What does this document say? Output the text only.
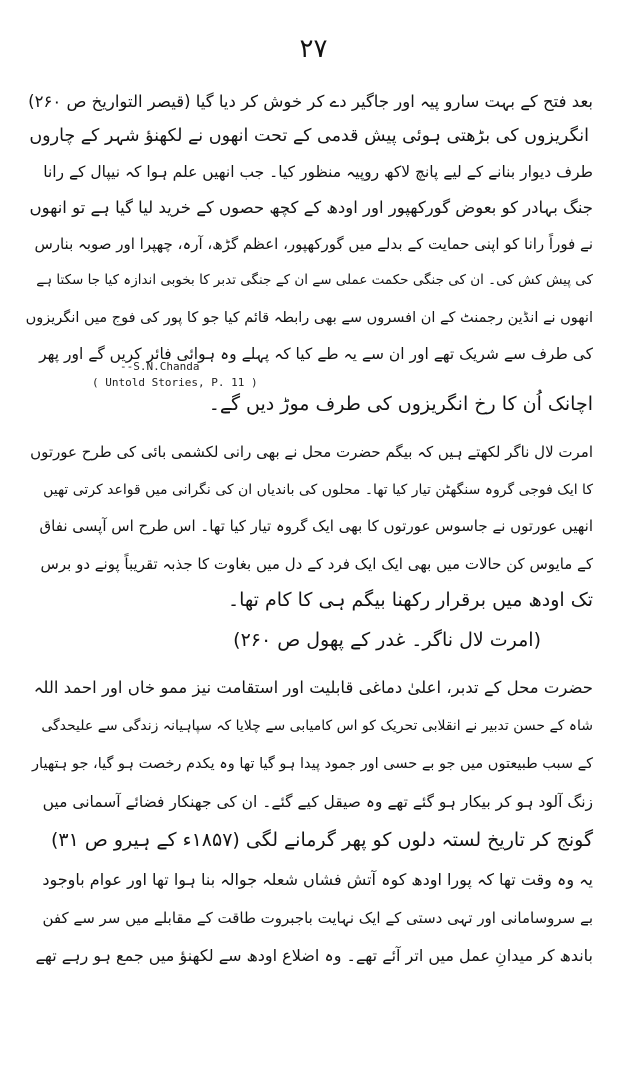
۲۷
بعد فتح کے بہت سارو پیہ اور جاگیر دے کر خوش کر دیا گیا (قیصر التواریخ ص ۲۶۰)
انگریزوں کی بڑھتی ہوئی پیش قدمی کے تحت انھوں نے لکھنؤ شہر کے چاروں
طرف دیوار بنانے کے لیے پانچ لاکھ روپیہ منظور کیا۔ جب انھیں علم ہوا کہ نیپال کے رانا
جنگ بہادر کو بعوض گورکھپور اور اودھ کے کچھ حصوں کے خرید لیا گیا ہے تو انھوں
نے فوراً رانا کو اپنی حمایت کے بدلے میں گورکھپور، اعظم گڑھ، آرہ، چھپرا اور صوبہ بنارس
کی پیش کش کی۔ ان کی جنگی حکمت عملی سے ان کے جنگی تدبر کا بخوبی اندازہ کیا جا سکتا ہے
انھوں نے انڈین رجمنٹ کے ان افسروں سے بھی رابطہ قائم کیا جو کا پور کی فوج میں انگریزوں
کی طرف سے شریک تھے اور ان سے یہ طے کیا کہ پہلے وہ ہوائی فائر کریں گے اور پھر
--S.N.Chanda
( Untold Stories, P. 11 )
اچانک اُن کا رخ انگریزوں کی طرف موڑ دیں گے۔
امرت لال ناگر لکھتے ہیں کہ بیگم حضرت محل نے بھی رانی لکشمی بائی کی طرح عورتوں
کا ایک فوجی گروہ سنگھٹن تیار کیا تھا۔ محلوں کی باندیاں ان کی نگرانی میں قواعد کرتی تھیں
انھیں عورتوں نے جاسوس عورتوں کا بھی ایک گروہ تیار کیا تھا۔ اس طرح اس آپسی نفاق
کے مایوس کن حالات میں بھی ایک ایک فرد کے دل میں بغاوت کا جذبہ تقریباً پونے دو برس
تک اودھ میں برقرار رکھنا بیگم ہی کا کام تھا۔
(امرت لال ناگر۔ غدر کے پھول ص ۲۶۰)
حضرت محل کے تدبر، اعلیٰ دماغی قابلیت اور استقامت نیز ممو خاں اور احمد اللہ
شاہ کے حسن تدبیر نے انقلابی تحریک کو اس کامیابی سے چلایا کہ سپاہیانہ زندگی سے علیحدگی
کے سبب طبیعتوں میں جو بے حسی اور جمود پیدا ہو گیا تھا وہ یکدم رخصت ہو گیا، جو ہتھیار
زنگ آلود ہو کر بیکار ہو گئے تھے وہ صیقل کیے گئے۔ ان کی جھنکار فضائے آسمانی میں
گونج کر تاریخ لستہ دلوں کو پھر گرمانے لگی (۱۸۵۷ء کے ہیرو ص ۳۱)
یہ وہ وقت تھا کہ پورا اودھ کوہ آتش فشاں شعلہ جوالہ بنا ہوا تھا اور عوام باوجود
بے سروسامانی اور تہی دستی کے ایک نہایت باجبروت طاقت کے مقابلے میں سر سے کفن
باندھ کر میدانِ عمل میں اتر آئے تھے۔ وہ اضلاع اودھ سے لکھنؤ میں جمع ہو رہے تھے
